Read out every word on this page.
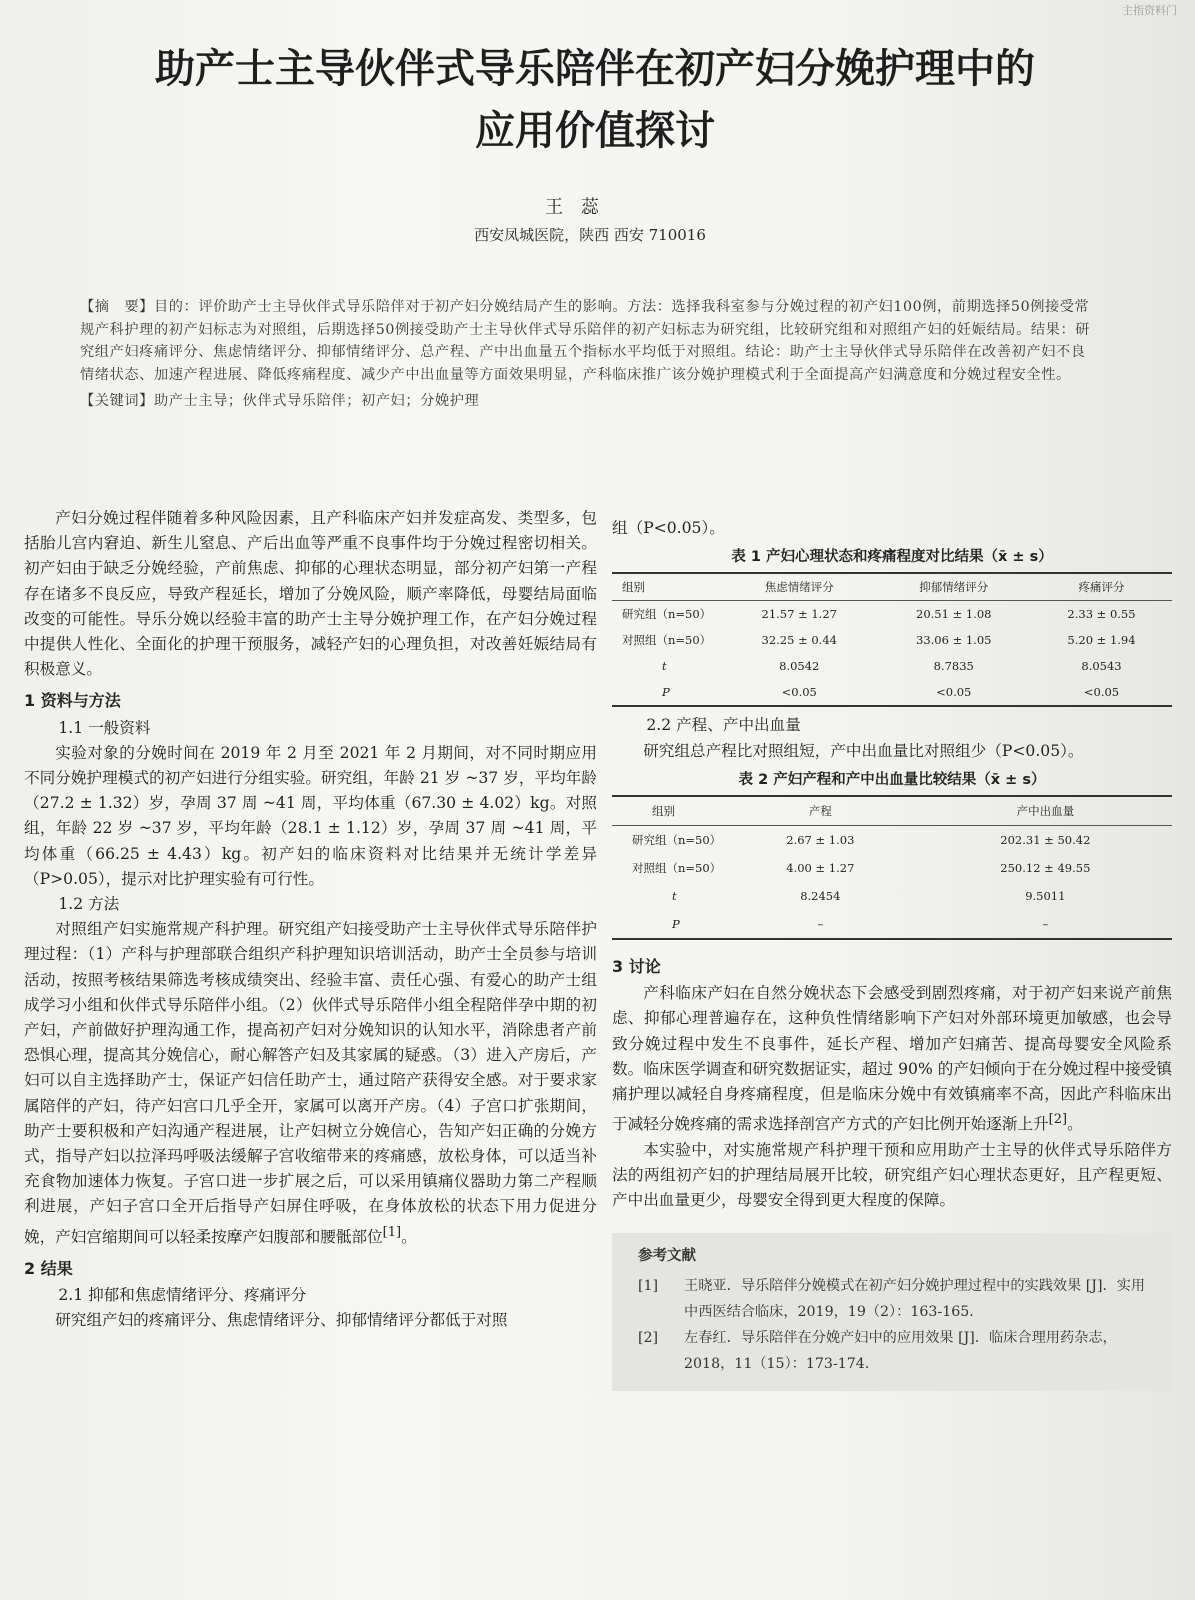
主指资料门
助产士主导伙伴式导乐陪伴在初产妇分娩护理中的
应用价值探讨
王 蕊
西安凤城医院，陕西 西安 710016
【摘　要】目的：评价助产士主导伙伴式导乐陪伴对于初产妇分娩结局产生的影响。方法：选择我科室参与分娩过程的初产妇100例，前期选择50例接受常规产科护理的初产妇标志为对照组，后期选择50例接受助产士主导伙伴式导乐陪伴的初产妇标志为研究组，比较研究组和对照组产妇的妊娠结局。结果：研究组产妇疼痛评分、焦虑情绪评分、抑郁情绪评分、总产程、产中出血量五个指标水平均低于对照组。结论：助产士主导伙伴式导乐陪伴在改善初产妇不良情绪状态、加速产程进展、降低疼痛程度、减少产中出血量等方面效果明显，产科临床推广该分娩护理模式利于全面提高产妇满意度和分娩过程安全性。
【关键词】助产士主导；伙伴式导乐陪伴；初产妇；分娩护理

产妇分娩过程伴随着多种风险因素，且产科临床产妇并发症高发、类型多，包括胎儿宫内窘迫、新生儿窒息、产后出血等严重不良事件均于分娩过程密切相关。初产妇由于缺乏分娩经验，产前焦虑、抑郁的心理状态明显，部分初产妇第一产程存在诸多不良反应，导致产程延长，增加了分娩风险，顺产率降低，母婴结局面临改变的可能性。导乐分娩以经验丰富的助产士主导分娩护理工作，在产妇分娩过程中提供人性化、全面化的护理干预服务，减轻产妇的心理负担，对改善妊娠结局有积极意义。

1 资料与方法
1.1 一般资料

实验对象的分娩时间在 2019 年 2 月至 2021 年 2 月期间，对不同时期应用不同分娩护理模式的初产妇进行分组实验。研究组，年龄 21 岁 ~37 岁，平均年龄（27.2 ± 1.32）岁，孕周 37 周 ~41 周，平均体重（67.30 ± 4.02）kg。对照组，年龄 22 岁 ~37 岁，平均年龄（28.1 ± 1.12）岁，孕周 37 周 ~41 周，平均体重（66.25 ± 4.43）kg。初产妇的临床资料对比结果并无统计学差异（P>0.05），提示对比护理实验有可行性。

1.2 方法

对照组产妇实施常规产科护理。研究组产妇接受助产士主导伙伴式导乐陪伴护理过程：（1）产科与护理部联合组织产科护理知识培训活动，助产士全员参与培训活动，按照考核结果筛选考核成绩突出、经验丰富、责任心强、有爱心的助产士组成学习小组和伙伴式导乐陪伴小组。（2）伙伴式导乐陪伴小组全程陪伴孕中期的初产妇，产前做好护理沟通工作，提高初产妇对分娩知识的认知水平，消除患者产前恐惧心理，提高其分娩信心，耐心解答产妇及其家属的疑惑。（3）进入产房后，产妇可以自主选择助产士，保证产妇信任助产士，通过陪产获得安全感。对于要求家属陪伴的产妇，待产妇宫口几乎全开，家属可以离开产房。（4）子宫口扩张期间，助产士要积极和产妇沟通产程进展，让产妇树立分娩信心，告知产妇正确的分娩方式，指导产妇以拉泽玛呼吸法缓解子宫收缩带来的疼痛感，放松身体，可以适当补充食物加速体力恢复。子宫口进一步扩展之后，可以采用镇痛仪器助力第二产程顺利进展，产妇子宫口全开后指导产妇屏住呼吸，在身体放松的状态下用力促进分娩，产妇宫缩期间可以轻柔按摩产妇腹部和腰骶部位[1]。

2 结果
2.1 抑郁和焦虑情绪评分、疼痛评分

研究组产妇的疼痛评分、焦虑情绪评分、抑郁情绪评分都低于对照

组（P<0.05）。

表 1 产妇心理状态和疼痛程度对比结果（x̄ ± s）
组别	焦虑情绪评分	抑郁情绪评分	疼痛评分
研究组（n=50）	21.57 ± 1.27	20.51 ± 1.08	2.33 ± 0.55
对照组（n=50）	32.25 ± 0.44	33.06 ± 1.05	5.20 ± 1.94
t	8.0542	8.7835	8.0543
P	<0.05	<0.05	<0.05
2.2 产程、产中出血量

研究组总产程比对照组短，产中出血量比对照组少（P<0.05）。

表 2 产妇产程和产中出血量比较结果（x̄ ± s）
组别	产程	产中出血量
研究组（n=50）	2.67 ± 1.03	202.31 ± 50.42
对照组（n=50）	4.00 ± 1.27	250.12 ± 49.55
t	8.2454	9.5011
P	–	–
3 讨论

产科临床产妇在自然分娩状态下会感受到剧烈疼痛，对于初产妇来说产前焦虑、抑郁心理普遍存在，这种负性情绪影响下产妇对外部环境更加敏感，也会导致分娩过程中发生不良事件，延长产程、增加产妇痛苦、提高母婴安全风险系数。临床医学调查和研究数据证实，超过 90% 的产妇倾向于在分娩过程中接受镇痛护理以减轻自身疼痛程度，但是临床分娩中有效镇痛率不高，因此产科临床出于减轻分娩疼痛的需求选择剖宫产方式的产妇比例开始逐渐上升[2]。

本实验中，对实施常规产科护理干预和应用助产士主导的伙伴式导乐陪伴方法的两组初产妇的护理结局展开比较，研究组产妇心理状态更好，且产程更短、产中出血量更少，母婴安全得到更大程度的保障。

参考文献
[1]	王晓亚．导乐陪伴分娩模式在初产妇分娩护理过程中的实践效果 [J]．实用中西医结合临床，2019，19（2）：163-165．
[2]	左春红．导乐陪伴在分娩产妇中的应用效果 [J]．临床合理用药杂志，2018，11（15）：173-174．
